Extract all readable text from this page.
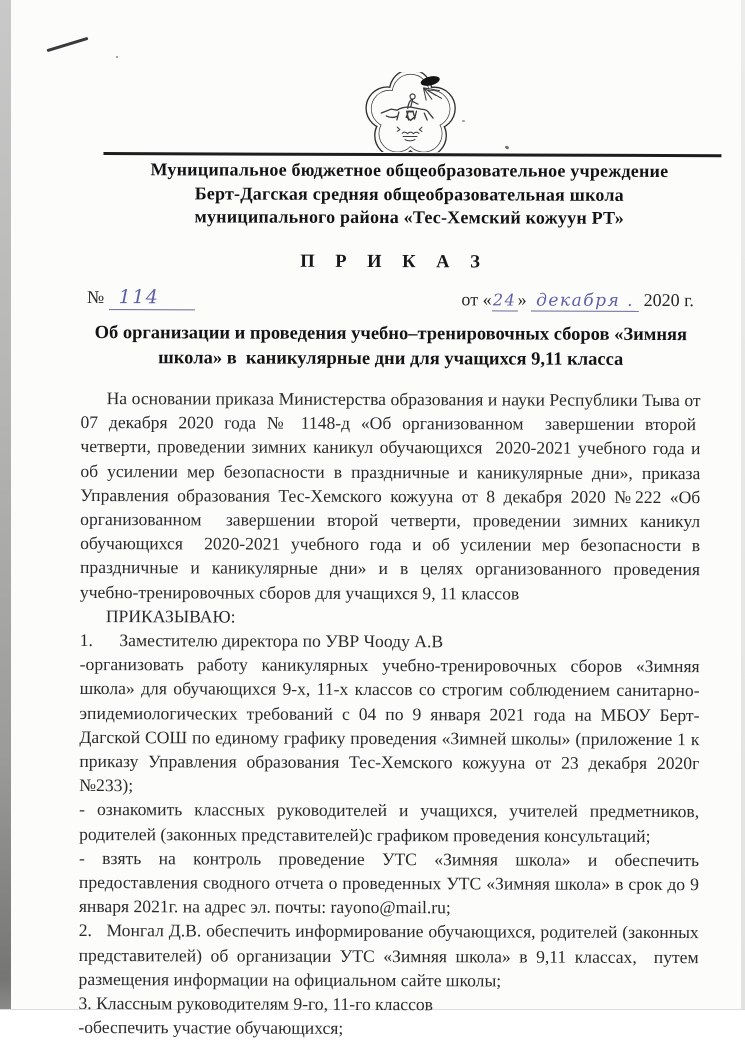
Муниципальное бюджетное общеобразовательное учреждение
Берт-Дагская средняя общеобразовательная школа
муниципального района «Тес-Хемский кожуун РТ»
П Р И К А З
№ 114	от «24» декабря . 2020 г.
Об организации и проведения учебно–тренировочных сборов «Зимняя школа» в  каникулярные дни для учащихся 9,11 класса

На основании приказа Министерства образования и науки Республики Тыва от 07 декабря 2020 года № 1148-д «Об организованном  завершении второй  четверти, проведении зимних каникул обучающихся  2020-2021 учебного года и об усилении мер безопасности в праздничные и каникулярные дни», приказа Управления образования Тес-Хемского кожууна от 8 декабря 2020 №222 «Об организованном  завершении второй четверти, проведении зимних каникул обучающихся  2020-2021 учебного года и об усилении мер безопасности в праздничные и каникулярные дни» и в целях организованного проведения учебно-тренировочных сборов для учащихся 9, 11 классов

ПРИКАЗЫВАЮ:

1.      Заместителю директора по УВР Чооду А.В

-организовать работу каникулярных учебно-тренировочных сборов «Зимняя школа» для обучающихся 9-х, 11-х классов со строгим соблюдением санитарно-эпидемиологических требований с 04 по 9 января 2021 года на МБОУ Берт-Дагской СОШ по единому графику проведения «Зимней школы» (приложение 1 к приказу Управления образования Тес-Хемского кожууна от 23 декабря 2020г №233);

- ознакомить классных руководителей и учащихся, учителей предметников, родителей (законных представителей)с графиком проведения консультаций;

- взять на контроль проведение УТС «Зимняя школа» и обеспечить предоставления сводного отчета о проведенных УТС «Зимняя школа» в срок до 9 января 2021г. на адрес эл. почты: rayono@mail.ru;

2.   Монгал Д.В. обеспечить информирование обучающихся, родителей (законных представителей) об организации УТС «Зимняя школа» в 9,11 классах,  путем размещения информации на официальном сайте школы;

3. Классным руководителям 9-го, 11-го классов

-обеспечить участие обучающихся;
